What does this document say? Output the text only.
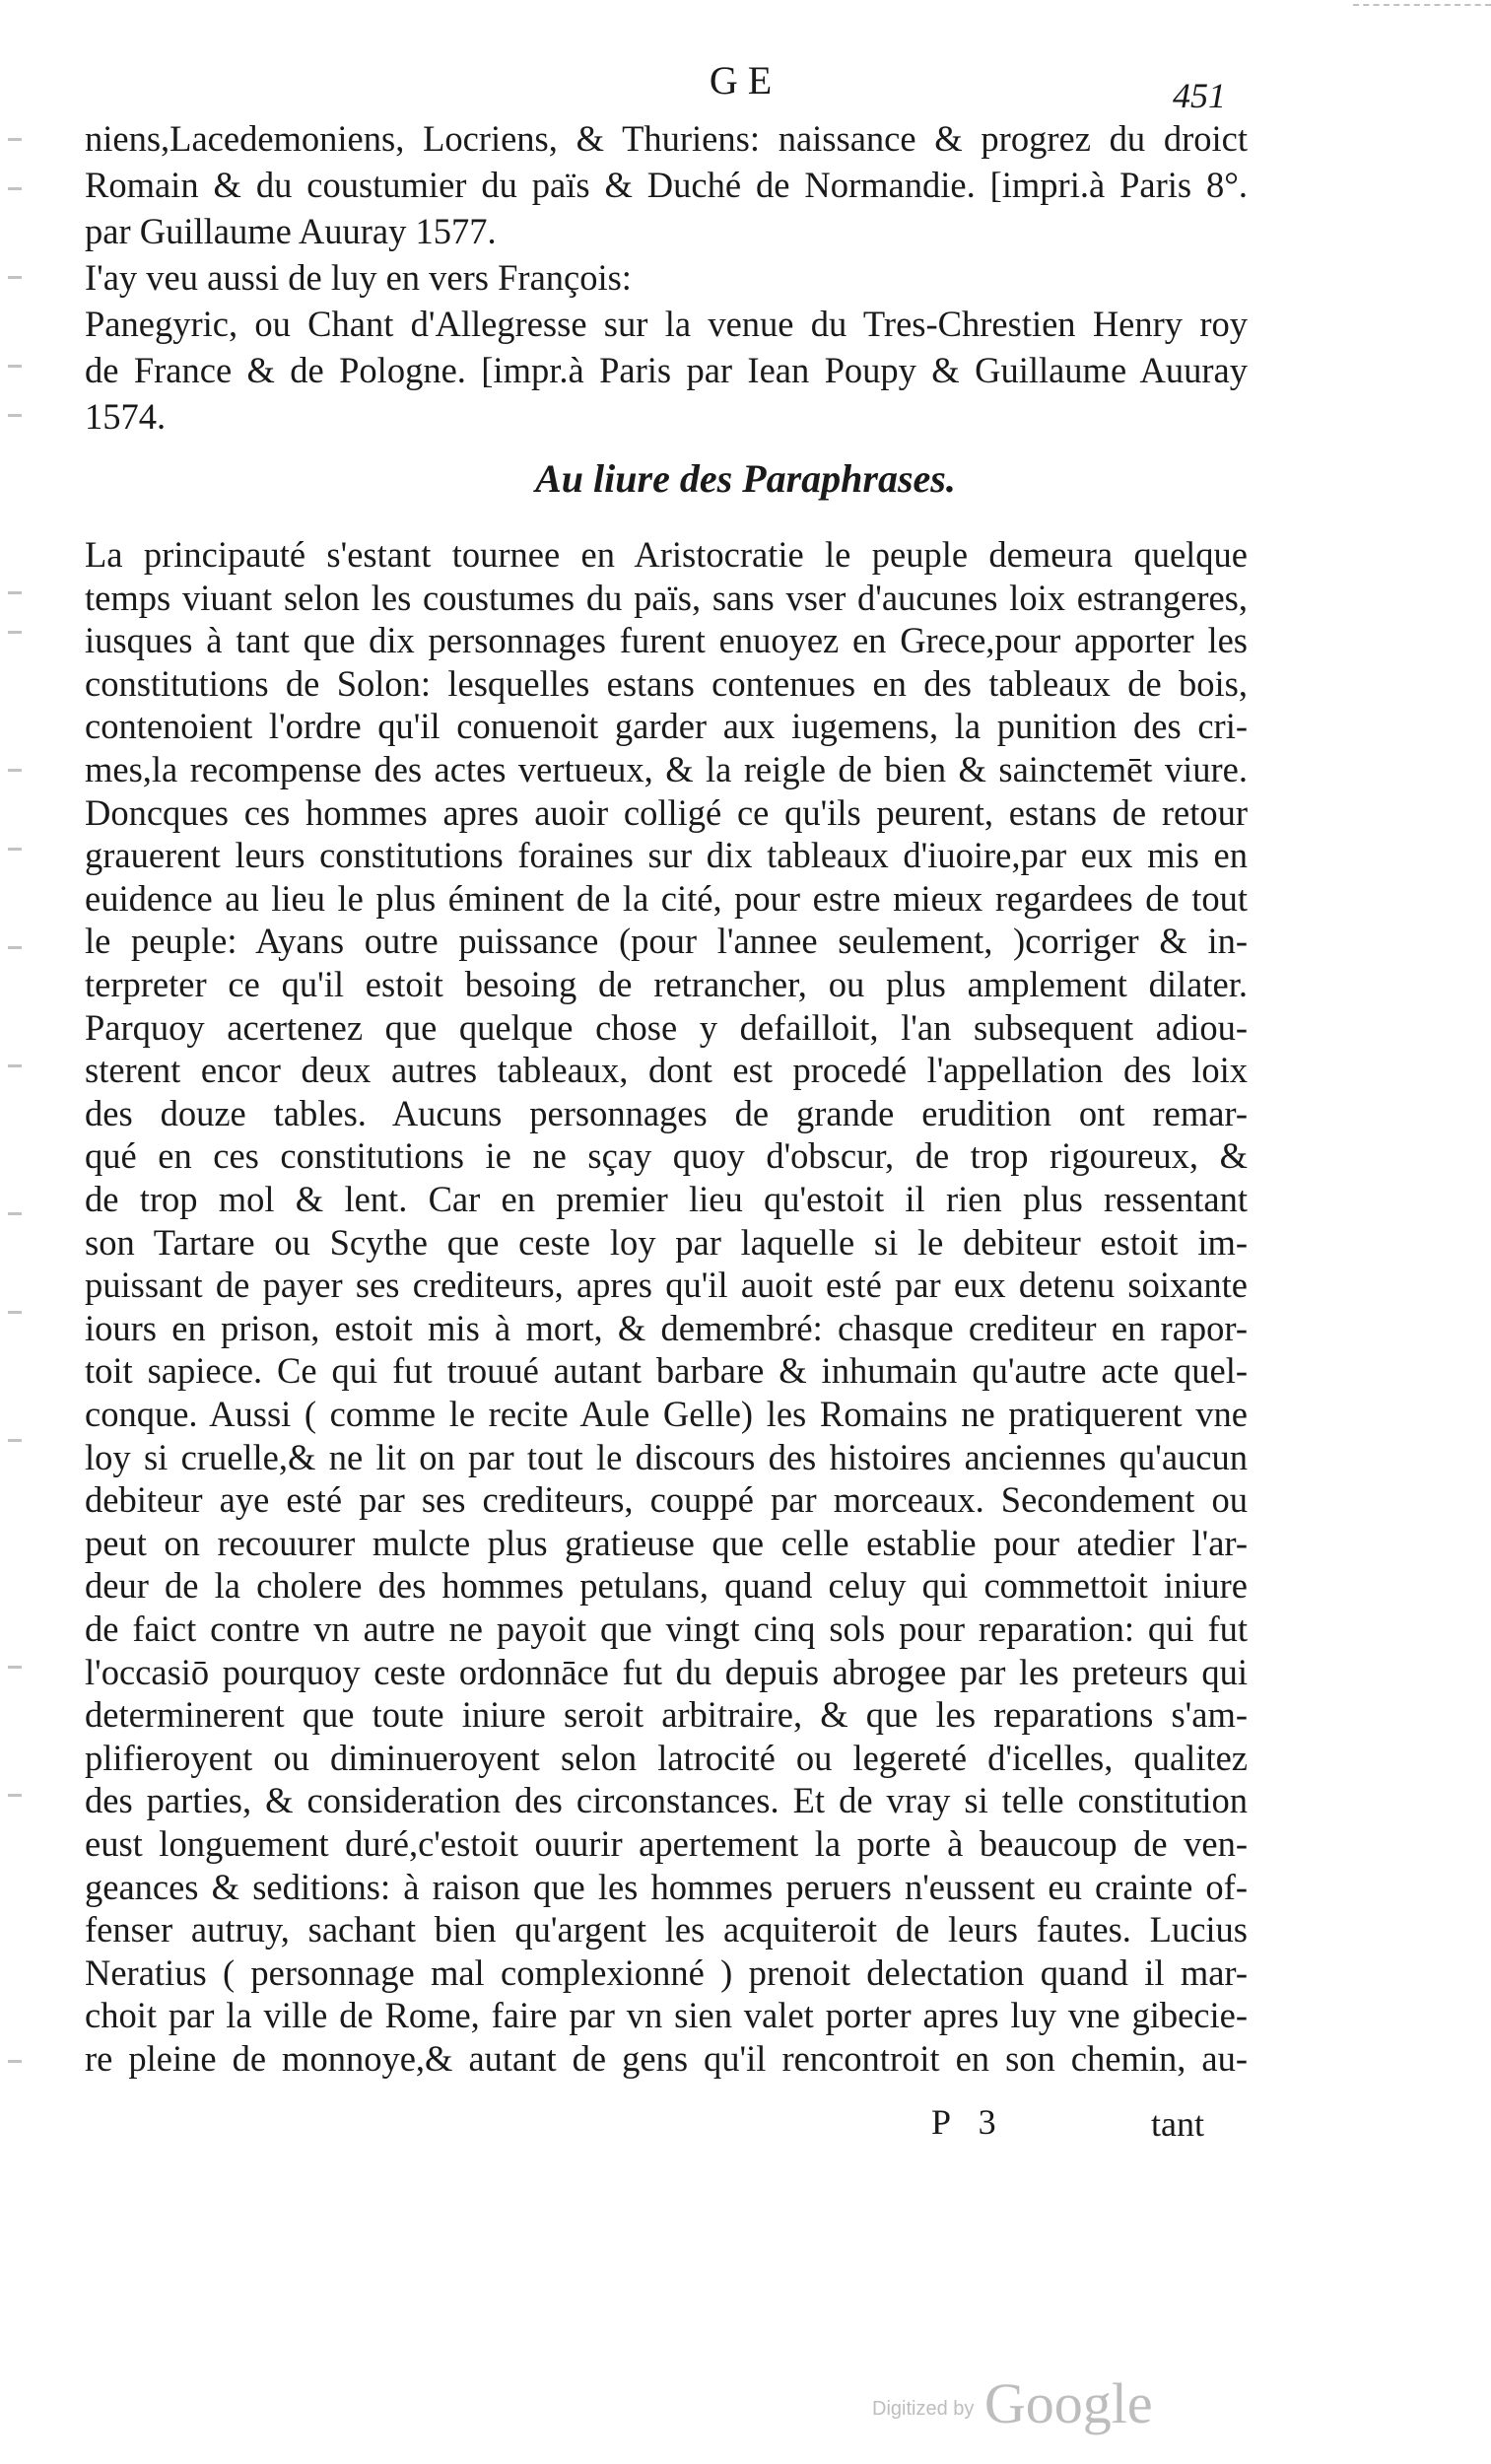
GE	451
niens,Lacedemoniens, Locriens, & Thuriens: naissance & progrez du droict
Romain & du coustumier du païs & Duché de Normandie. [impri.à Paris 8°.
par Guillaume Auuray 1577.
I'ay veu aussi de luy en vers François:
Panegyric, ou Chant d'Allegresse sur la venue du Tres-Chrestien Henry roy
de France & de Pologne. [impr.à Paris par Iean Poupy & Guillaume Auuray
1574.
Au liure des Paraphrases.
La principauté s'estant tournee en Aristocratie le peuple demeura quelque
temps viuant selon les coustumes du païs, sans vser d'aucunes loix estrangeres,
iusques à tant que dix personnages furent enuoyez en Grece,pour apporter les
constitutions de Solon: lesquelles estans contenues en des tableaux de bois,
contenoient l'ordre qu'il conuenoit garder aux iugemens, la punition des cri-
mes,la recompense des actes vertueux, & la reigle de bien & sainctemēt viure.
Doncques ces hommes apres auoir colligé ce qu'ils peurent, estans de retour
grauerent leurs constitutions foraines sur dix tableaux d'iuoire,par eux mis en
euidence au lieu le plus éminent de la cité, pour estre mieux regardees de tout
le peuple: Ayans outre puissance (pour l'annee seulement, )corriger & in-
terpreter ce qu'il estoit besoing de retrancher, ou plus amplement dilater.
Parquoy acertenez que quelque chose y defailloit, l'an subsequent adiou-
sterent encor deux autres tableaux, dont est procedé l'appellation des loix
des douze tables. Aucuns personnages de grande erudition ont remar-
qué en ces constitutions ie ne sçay quoy d'obscur, de trop rigoureux, &
de trop mol & lent. Car en premier lieu qu'estoit il rien plus ressentant
son Tartare ou Scythe que ceste loy par laquelle si le debiteur estoit im-
puissant de payer ses crediteurs, apres qu'il auoit esté par eux detenu soixante
iours en prison, estoit mis à mort, & demembré: chasque crediteur en rapor-
toit sapiece. Ce qui fut trouué autant barbare & inhumain qu'autre acte quel-
conque. Aussi ( comme le recite Aule Gelle) les Romains ne pratiquerent vne
loy si cruelle,& ne lit on par tout le discours des histoires anciennes qu'aucun
debiteur aye esté par ses crediteurs, couppé par morceaux. Secondement ou
peut on recouurer mulcte plus gratieuse que celle establie pour atedier l'ar-
deur de la cholere des hommes petulans, quand celuy qui commettoit iniure
de faict contre vn autre ne payoit que vingt cinq sols pour reparation: qui fut
l'occasiō pourquoy ceste ordonnāce fut du depuis abrogee par les preteurs qui
determinerent que toute iniure seroit arbitraire, & que les reparations s'am-
plifieroyent ou diminueroyent selon latrocité ou legereté d'icelles, qualitez
des parties, & consideration des circonstances. Et de vray si telle constitution
eust longuement duré,c'estoit ouurir apertement la porte à beaucoup de ven-
geances & seditions: à raison que les hommes peruers n'eussent eu crainte of-
fenser autruy, sachant bien qu'argent les acquiteroit de leurs fautes. Lucius
Neratius ( personnage mal complexionné ) prenoit delectation quand il mar-
choit par la ville de Rome, faire par vn sien valet porter apres luy vne gibecie-
re pleine de monnoye,& autant de gens qu'il rencontroit en son chemin, au-
P 3	tant
Digitized by Google
